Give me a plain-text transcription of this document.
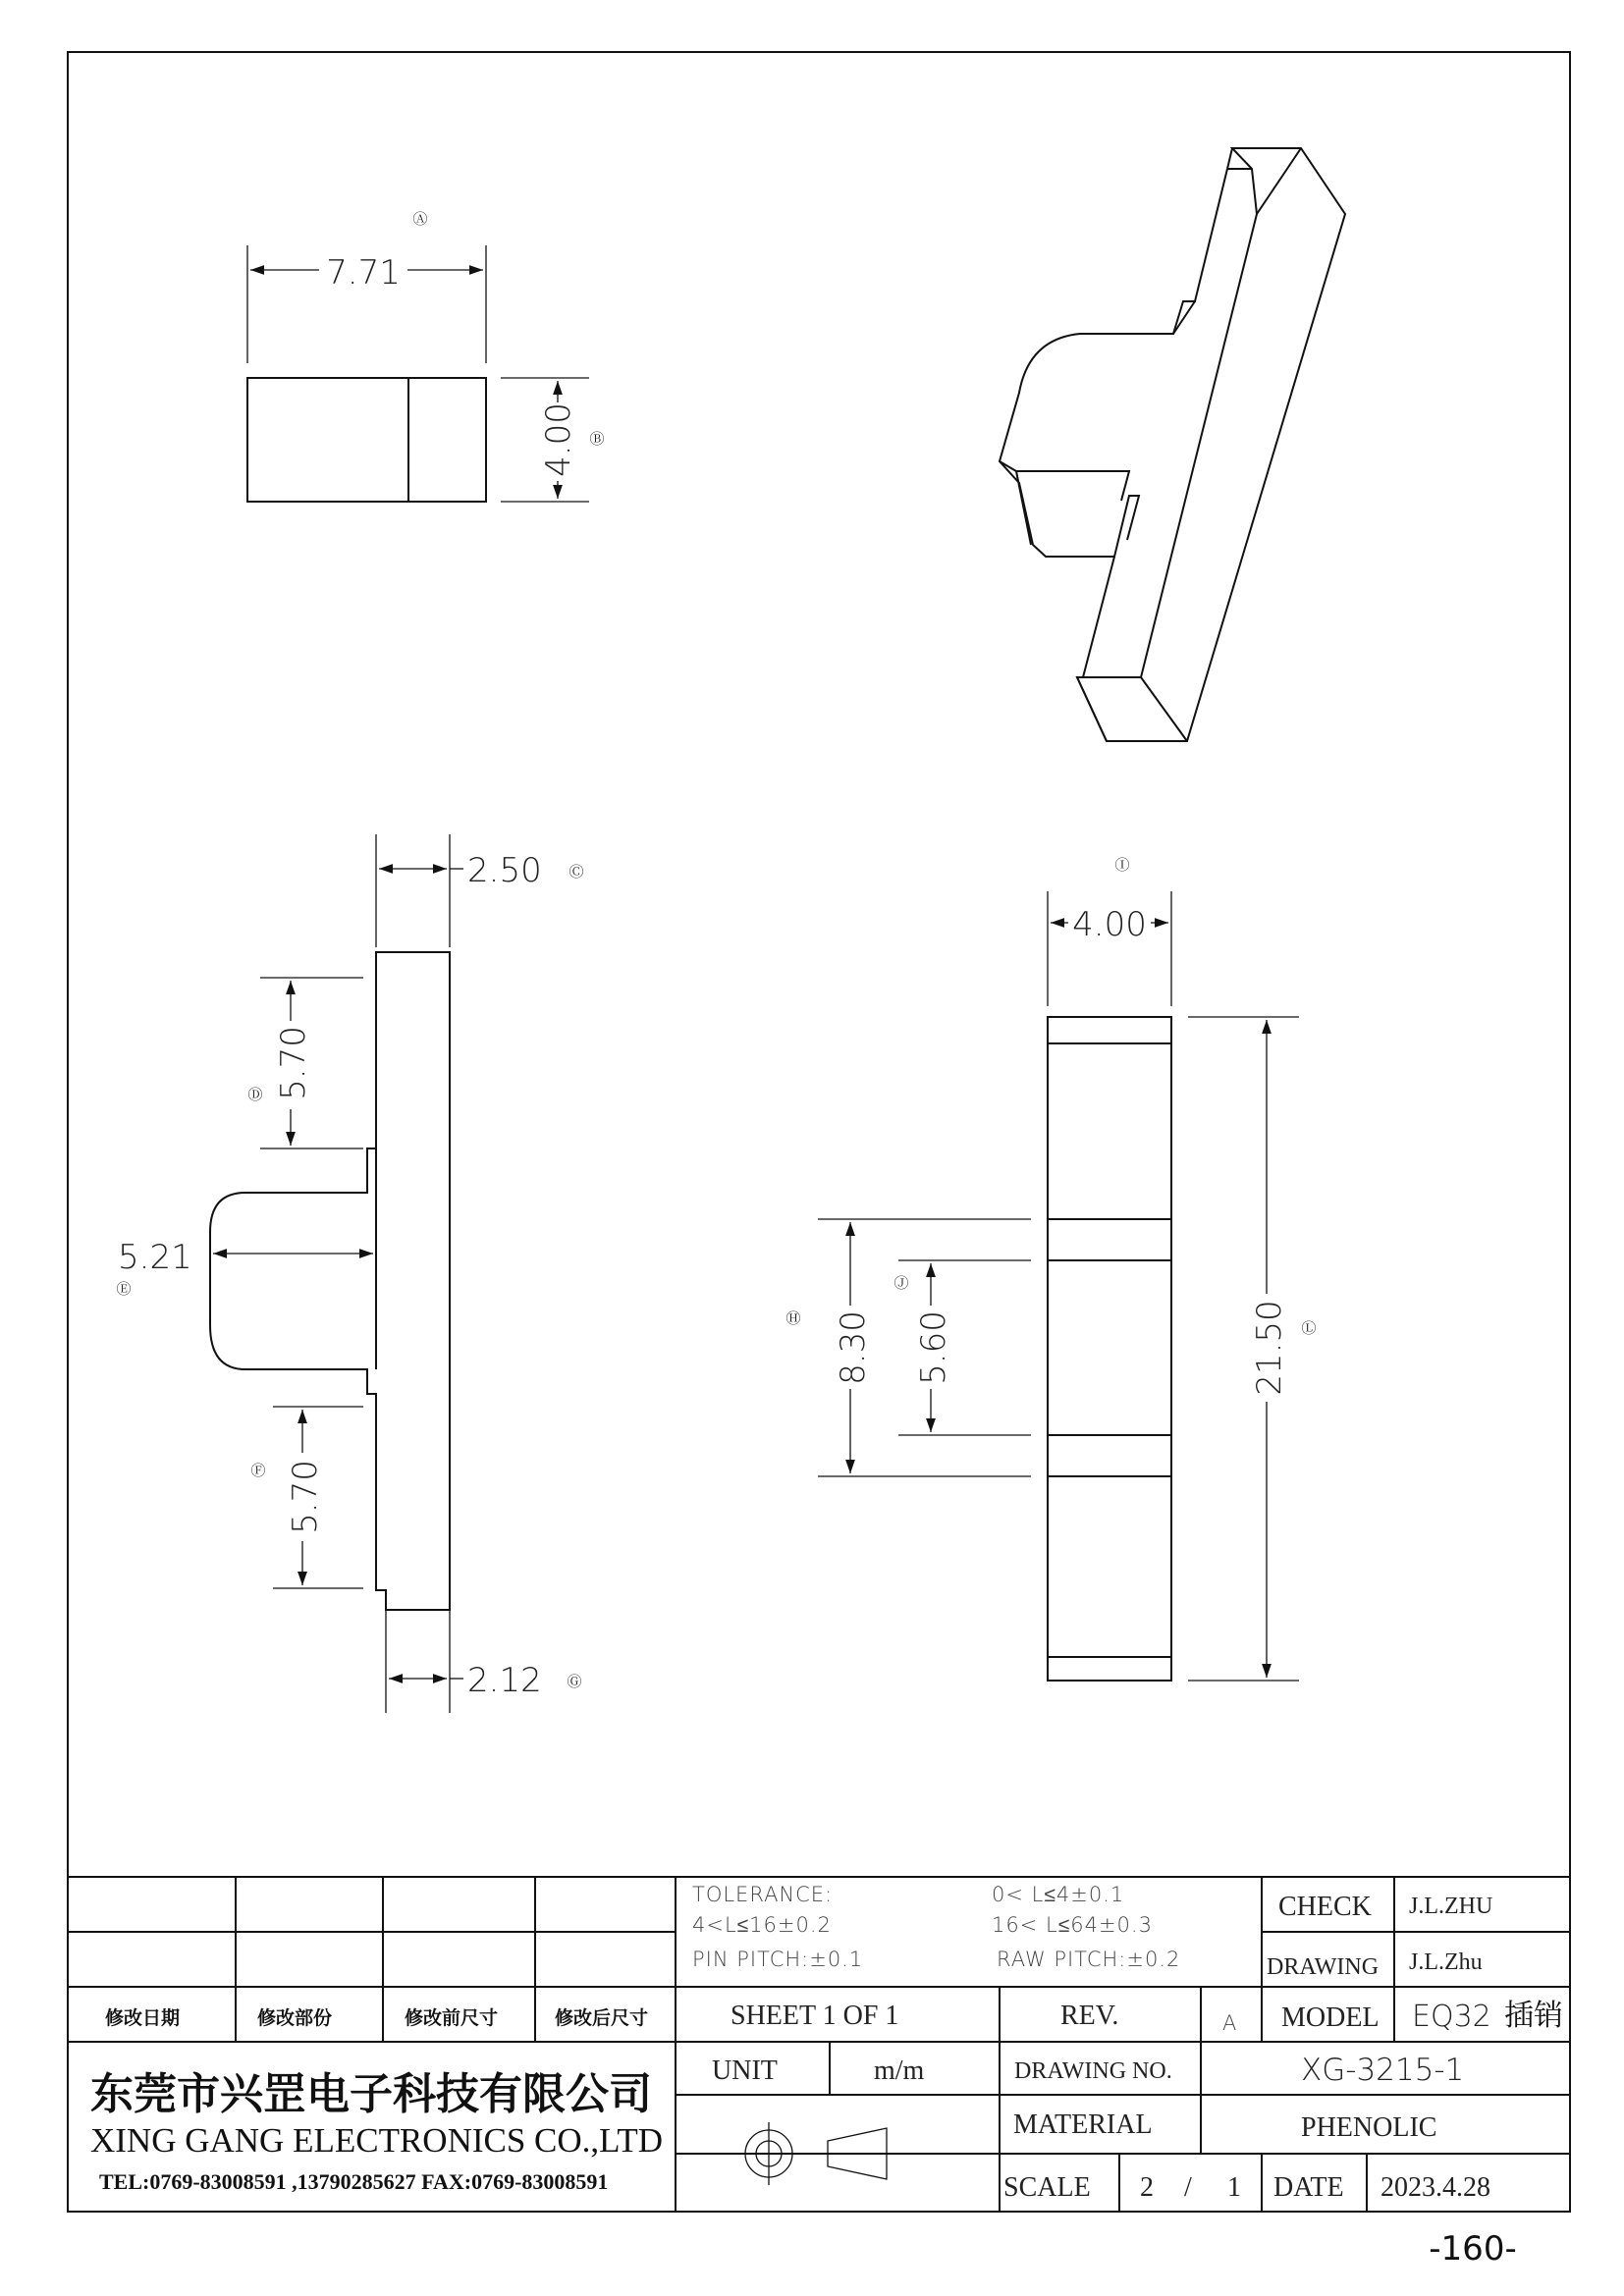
7.71
Ⓐ
4.00 Ⓑ
2.50 Ⓒ
5.70
Ⓓ
5.21
Ⓔ
5.70
Ⓕ
2.12 Ⓖ
4.00
Ⓘ
21.50 Ⓛ
8.30
Ⓗ	5.60
Ⓙ
TOLERANCE:	0< L≤4±0.1
4<L≤16±0.2	16< L≤64±0.3
PIN PITCH:±0.1	RAW PITCH:±0.2
CHECK J.L.ZHU
DRAWING J.L.Zhu
修改日期	修改部份	修改前尺寸	修改后尺寸	SHEET 1 OF 1	REV.	A MODEL EQ32 插销
东莞市兴罡电子科技有限公司
XING GANG ELECTRONICS CO.,LTD
TEL:0769-83008591 ,13790285627 FAX:0769-83008591
UNIT	m/m	DRAWING NO.	XG-3215-1
MATERIAL	PHENOLIC
SCALE 2 / 1 DATE 2023.4.28
-160-
